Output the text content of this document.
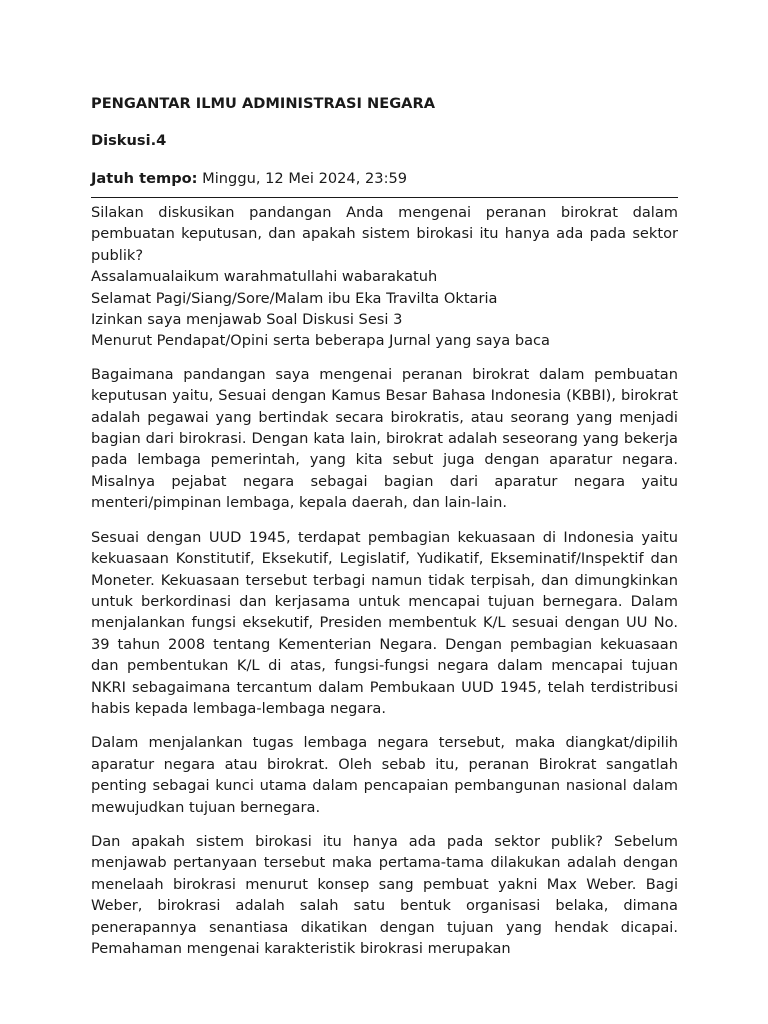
PENGANTAR ILMU ADMINISTRASI NEGARA
Diskusi.4
Jatuh tempo: Minggu, 12 Mei 2024, 23:59

Silakan diskusikan pandangan Anda mengenai peranan birokrat dalam pembuatan keputusan, dan apakah sistem birokasi itu hanya ada pada sektor publik?

Assalamualaikum warahmatullahi wabarakatuh
Selamat Pagi/Siang/Sore/Malam ibu Eka Travilta Oktaria
Izinkan saya menjawab Soal Diskusi Sesi 3
Menurut Pendapat/Opini serta beberapa Jurnal yang saya baca

Bagaimana pandangan saya mengenai peranan birokrat dalam pembuatan keputusan yaitu, Sesuai dengan Kamus Besar Bahasa Indonesia (KBBI), birokrat adalah pegawai yang bertindak secara birokratis, atau seorang yang menjadi bagian dari birokrasi. Dengan kata lain, birokrat adalah seseorang yang bekerja pada lembaga pemerintah, yang kita sebut juga dengan aparatur negara. Misalnya pejabat negara sebagai bagian dari aparatur negara yaitu menteri/pimpinan lembaga, kepala daerah, dan lain-lain.

Sesuai dengan UUD 1945, terdapat pembagian kekuasaan di Indonesia yaitu kekuasaan Konstitutif, Eksekutif, Legislatif, Yudikatif, Ekseminatif/Inspektif dan Moneter. Kekuasaan tersebut terbagi namun tidak terpisah, dan dimungkinkan untuk berkordinasi dan kerjasama untuk mencapai tujuan bernegara. Dalam menjalankan fungsi eksekutif, Presiden membentuk K/L sesuai dengan UU No. 39 tahun 2008 tentang Kementerian Negara. Dengan pembagian kekuasaan dan pembentukan K/L di atas, fungsi-fungsi negara dalam mencapai tujuan NKRI sebagaimana tercantum dalam Pembukaan UUD 1945, telah terdistribusi habis kepada lembaga-lembaga negara.

Dalam menjalankan tugas lembaga negara tersebut, maka diangkat/dipilih aparatur negara atau birokrat. Oleh sebab itu, peranan Birokrat sangatlah penting sebagai kunci utama dalam pencapaian pembangunan nasional dalam mewujudkan tujuan bernegara.

Dan apakah sistem birokasi itu hanya ada pada sektor publik? Sebelum menjawab pertanyaan tersebut maka pertama-tama dilakukan adalah dengan menelaah birokrasi menurut konsep sang pembuat yakni Max Weber. Bagi Weber, birokrasi adalah salah satu bentuk organisasi belaka, dimana penerapannya senantiasa dikatikan dengan tujuan yang hendak dicapai. Pemahaman mengenai karakteristik birokrasi merupakan
